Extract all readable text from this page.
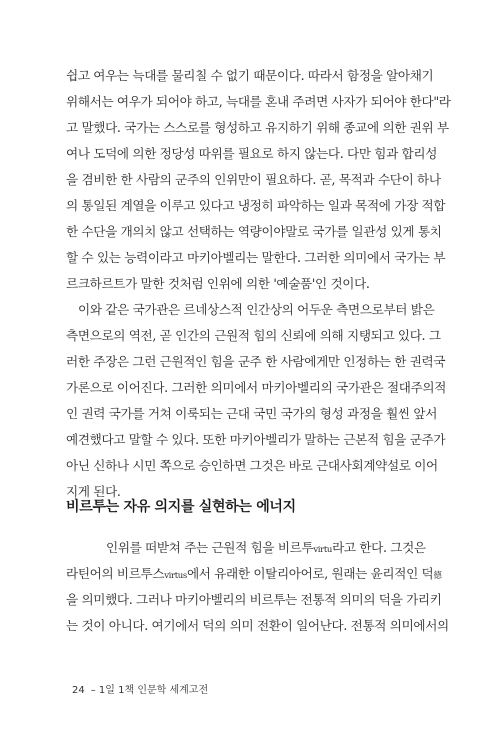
쉽고 여우는 늑대를 물리칠 수 없기 때문이다. 따라서 함정을 알아채기
위해서는 여우가 되어야 하고, 늑대를 혼내 주려면 사자가 되어야 한다"라
고 말했다. 국가는 스스로를 형성하고 유지하기 위해 종교에 의한 권위 부
여나 도덕에 의한 정당성 따위를 필요로 하지 않는다. 다만 힘과 합리성
을 겸비한 한 사람의 군주의 인위만이 필요하다. 곧, 목적과 수단이 하나
의 통일된 계열을 이루고 있다고 냉정히 파악하는 일과 목적에 가장 적합
한 수단을 개의치 않고 선택하는 역량이야말로 국가를 일관성 있게 통치
할 수 있는 능력이라고 마키아벨리는 말한다. 그러한 의미에서 국가는 부
르크하르트가 말한 것처럼 인위에 의한 '예술품'인 것이다.
이와 같은 국가관은 르네상스적 인간상의 어두운 측면으로부터 밝은
측면으로의 역전, 곧 인간의 근원적 힘의 신뢰에 의해 지탱되고 있다. 그
러한 주장은 그런 근원적인 힘을 군주 한 사람에게만 인정하는 한 권력국
가론으로 이어진다. 그러한 의미에서 마키아벨리의 국가관은 절대주의적
인 권력 국가를 거쳐 이룩되는 근대 국민 국가의 형성 과정을 훨씬 앞서
예견했다고 말할 수 있다. 또한 마키아벨리가 말하는 근본적 힘을 군주가
아닌 신하나 시민 쪽으로 승인하면 그것은 바로 근대사회계약설로 이어
지게 된다.
비르투는 자유 의지를 실현하는 에너지
인위를 떠받쳐 주는 근원적 힘을 비르투virtu라고 한다. 그것은
라틴어의 비르투스virtus에서 유래한 이탈리아어로, 원래는 윤리적인 덕德
을 의미했다. 그러나 마키아벨리의 비르투는 전통적 의미의 덕을 가리키
는 것이 아니다. 여기에서 덕의 의미 전환이 일어난다. 전통적 의미에서의
24 – 1일 1책 인문학 세계고전
